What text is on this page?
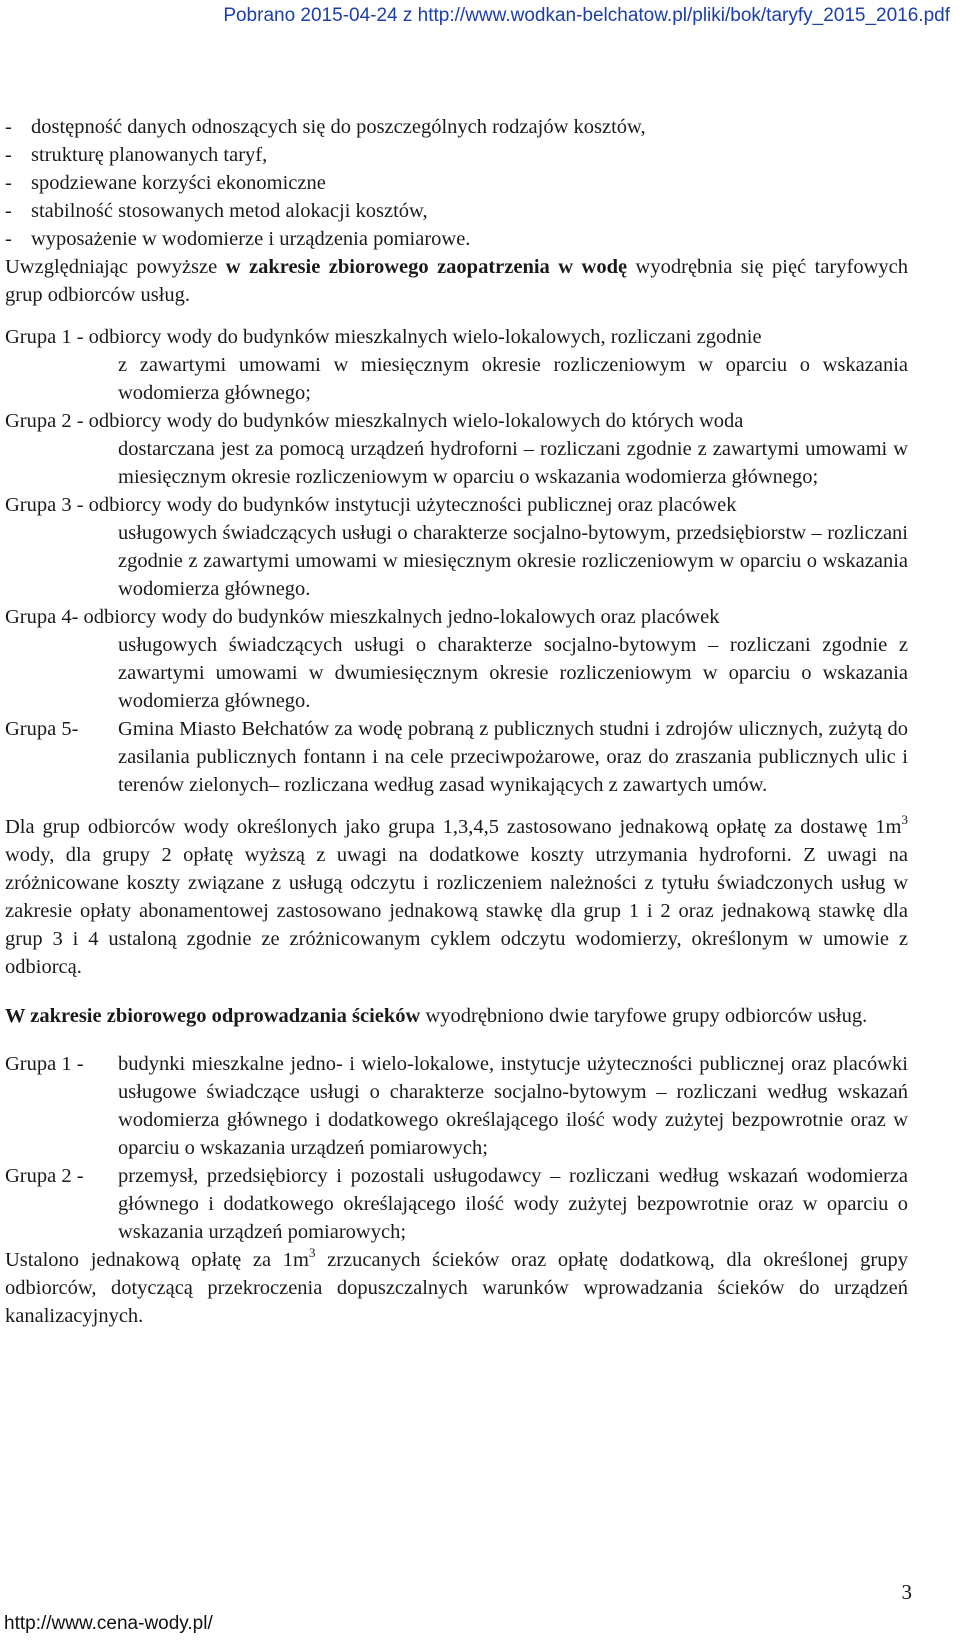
Pobrano 2015-04-24 z http://www.wodkan-belchatow.pl/pliki/bok/taryfy_2015_2016.pdf
- dostępność danych odnoszących się do poszczególnych rodzajów kosztów,
- strukturę planowanych taryf,
- spodziewane korzyści ekonomiczne
- stabilność stosowanych metod alokacji kosztów,
- wyposażenie w wodomierze i urządzenia pomiarowe.

Uwzględniając powyższe w zakresie zbiorowego zaopatrzenia w wodę wyodrębnia się pięć taryfowych grup odbiorców usług.

Grupa 1 - odbiorcy wody do budynków mieszkalnych wielo-lokalowych, rozliczani zgodnie
z zawartymi umowami w miesięcznym okresie rozliczeniowym w oparciu o wskazania wodomierza głównego;
Grupa 2 - odbiorcy wody do budynków mieszkalnych wielo-lokalowych do których woda
dostarczana jest za pomocą urządzeń hydroforni – rozliczani zgodnie z zawartymi umowami w miesięcznym okresie rozliczeniowym w oparciu o wskazania wodomierza głównego;
Grupa 3 - odbiorcy wody do budynków instytucji użyteczności publicznej oraz placówek
usługowych świadczących usługi o charakterze socjalno-bytowym, przedsiębiorstw – rozliczani zgodnie z zawartymi umowami w miesięcznym okresie rozliczeniowym w oparciu o wskazania wodomierza głównego.
Grupa 4- odbiorcy wody do budynków mieszkalnych jedno-lokalowych oraz placówek
usługowych świadczących usługi o charakterze socjalno-bytowym – rozliczani zgodnie z zawartymi umowami w dwumiesięcznym okresie rozliczeniowym w oparciu o wskazania wodomierza głównego.
Grupa 5-	Gmina Miasto Bełchatów za wodę pobraną z publicznych studni i zdrojów ulicznych, zużytą do zasilania publicznych fontann i na cele przeciwpożarowe, oraz do zraszania publicznych ulic i terenów zielonych– rozliczana według zasad wynikających z zawartych umów.

Dla grup odbiorców wody określonych jako grupa 1,3,4,5 zastosowano jednakową opłatę za dostawę $1m^3$ wody, dla grupy 2 opłatę wyższą z uwagi na dodatkowe koszty utrzymania hydroforni. Z uwagi na zróżnicowane koszty związane z usługą odczytu i rozliczeniem należności z tytułu świadczonych usług w zakresie opłaty abonamentowej zastosowano jednakową stawkę dla grup 1 i 2 oraz jednakową stawkę dla grup 3 i 4 ustaloną zgodnie ze zróżnicowanym cyklem odczytu wodomierzy, określonym w umowie z odbiorcą.

W zakresie zbiorowego odprowadzania ścieków wyodrębniono dwie taryfowe grupy odbiorców usług.

Grupa 1 -	budynki mieszkalne jedno- i wielo-lokalowe, instytucje użyteczności publicznej oraz placówki usługowe świadczące usługi o charakterze socjalno-bytowym – rozliczani według wskazań wodomierza głównego i dodatkowego określającego ilość wody zużytej bezpowrotnie oraz w oparciu o wskazania urządzeń pomiarowych;
Grupa 2 -	przemysł, przedsiębiorcy i pozostali usługodawcy – rozliczani według wskazań wodomierza głównego i dodatkowego określającego ilość wody zużytej bezpowrotnie oraz w oparciu o wskazania urządzeń pomiarowych;

Ustalono jednakową opłatę za $1m^3$ zrzucanych ścieków oraz opłatę dodatkową, dla określonej grupy odbiorców, dotyczącą przekroczenia dopuszczalnych warunków wprowadzania ścieków do urządzeń kanalizacyjnych.

3
http://www.cena-wody.pl/
